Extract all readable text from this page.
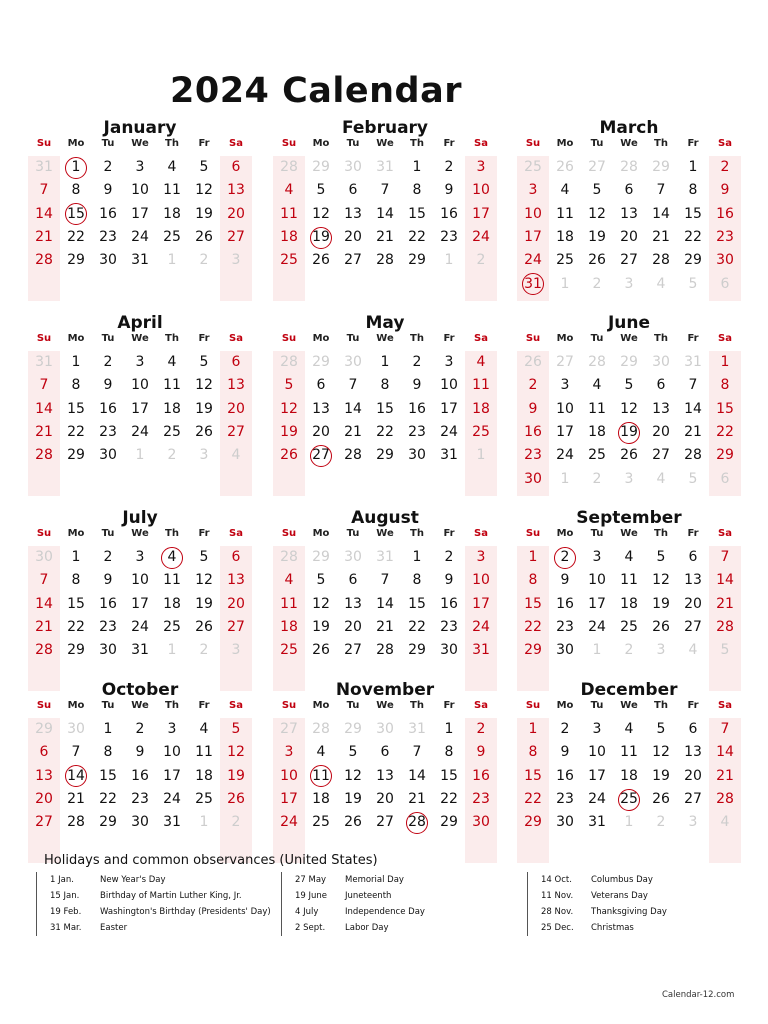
2024 Calendar
January
Su	Mo	Tu	We	Th	Fr	Sa
31	1	2	3	4	5	6
7	8	9	10	11	12	13
14	15	16	17	18	19	20
21	22	23	24	25	26	27
28	29	30	31	1	2	3
February
Su	Mo	Tu	We	Th	Fr	Sa
28	29	30	31	1	2	3
4	5	6	7	8	9	10
11	12	13	14	15	16	17
18	19	20	21	22	23	24
25	26	27	28	29	1	2
March
Su	Mo	Tu	We	Th	Fr	Sa
25	26	27	28	29	1	2
3	4	5	6	7	8	9
10	11	12	13	14	15	16
17	18	19	20	21	22	23
24	25	26	27	28	29	30
31	1	2	3	4	5	6
April
Su	Mo	Tu	We	Th	Fr	Sa
31	1	2	3	4	5	6
7	8	9	10	11	12	13
14	15	16	17	18	19	20
21	22	23	24	25	26	27
28	29	30	1	2	3	4
May
Su	Mo	Tu	We	Th	Fr	Sa
28	29	30	1	2	3	4
5	6	7	8	9	10	11
12	13	14	15	16	17	18
19	20	21	22	23	24	25
26	27	28	29	30	31	1
June
Su	Mo	Tu	We	Th	Fr	Sa
26	27	28	29	30	31	1
2	3	4	5	6	7	8
9	10	11	12	13	14	15
16	17	18	19	20	21	22
23	24	25	26	27	28	29
30	1	2	3	4	5	6
July
Su	Mo	Tu	We	Th	Fr	Sa
30	1	2	3	4	5	6
7	8	9	10	11	12	13
14	15	16	17	18	19	20
21	22	23	24	25	26	27
28	29	30	31	1	2	3
August
Su	Mo	Tu	We	Th	Fr	Sa
28	29	30	31	1	2	3
4	5	6	7	8	9	10
11	12	13	14	15	16	17
18	19	20	21	22	23	24
25	26	27	28	29	30	31
September
Su	Mo	Tu	We	Th	Fr	Sa
1	2	3	4	5	6	7
8	9	10	11	12	13	14
15	16	17	18	19	20	21
22	23	24	25	26	27	28
29	30	1	2	3	4	5
October
Su	Mo	Tu	We	Th	Fr	Sa
29	30	1	2	3	4	5
6	7	8	9	10	11	12
13	14	15	16	17	18	19
20	21	22	23	24	25	26
27	28	29	30	31	1	2
November
Su	Mo	Tu	We	Th	Fr	Sa
27	28	29	30	31	1	2
3	4	5	6	7	8	9
10	11	12	13	14	15	16
17	18	19	20	21	22	23
24	25	26	27	28	29	30
December
Su	Mo	Tu	We	Th	Fr	Sa
1	2	3	4	5	6	7
8	9	10	11	12	13	14
15	16	17	18	19	20	21
22	23	24	25	26	27	28
29	30	31	1	2	3	4
Holidays and common observances (United States)
1 Jan.	New Year's Day
15 Jan. Birthday of Martin Luther King, Jr.
19 Feb. Washington's Birthday (Presidents' Day)
31 Mar. Easter
27 May Memorial Day
19 June Juneteenth
4 July	Independence Day
2 Sept. Labor Day
14 Oct. Columbus Day
11 Nov. Veterans Day
28 Nov. Thanksgiving Day
25 Dec. Christmas
Calendar-12.com
